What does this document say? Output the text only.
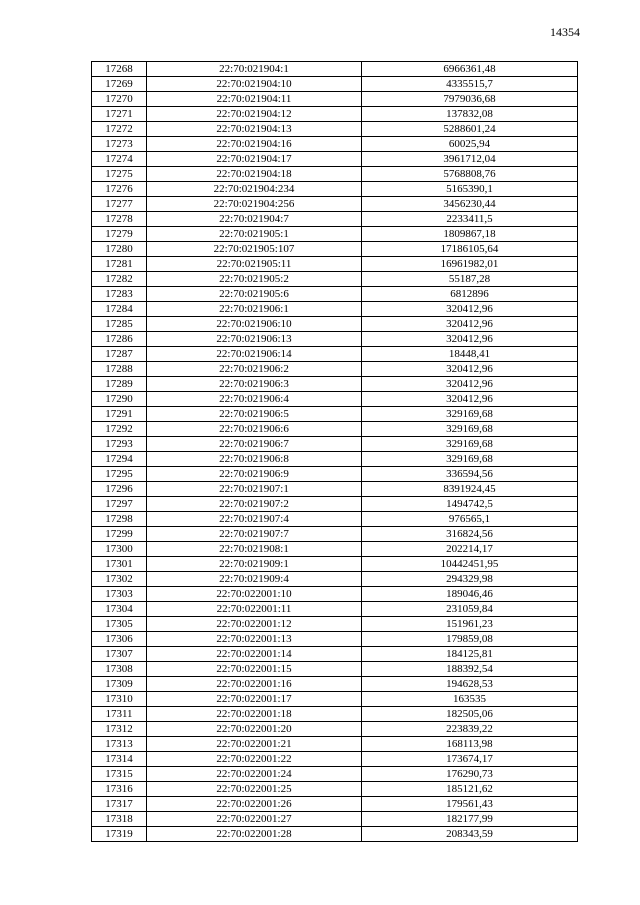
14354
17268	22:70:021904:1	6966361,48
17269	22:70:021904:10	4335515,7
17270	22:70:021904:11	7979036,68
17271	22:70:021904:12	137832,08
17272	22:70:021904:13	5288601,24
17273	22:70:021904:16	60025,94
17274	22:70:021904:17	3961712,04
17275	22:70:021904:18	5768808,76
17276	22:70:021904:234	5165390,1
17277	22:70:021904:256	3456230,44
17278	22:70:021904:7	2233411,5
17279	22:70:021905:1	1809867,18
17280	22:70:021905:107	17186105,64
17281	22:70:021905:11	16961982,01
17282	22:70:021905:2	55187,28
17283	22:70:021905:6	6812896
17284	22:70:021906:1	320412,96
17285	22:70:021906:10	320412,96
17286	22:70:021906:13	320412,96
17287	22:70:021906:14	18448,41
17288	22:70:021906:2	320412,96
17289	22:70:021906:3	320412,96
17290	22:70:021906:4	320412,96
17291	22:70:021906:5	329169,68
17292	22:70:021906:6	329169,68
17293	22:70:021906:7	329169,68
17294	22:70:021906:8	329169,68
17295	22:70:021906:9	336594,56
17296	22:70:021907:1	8391924,45
17297	22:70:021907:2	1494742,5
17298	22:70:021907:4	976565,1
17299	22:70:021907:7	316824,56
17300	22:70:021908:1	202214,17
17301	22:70:021909:1	10442451,95
17302	22:70:021909:4	294329,98
17303	22:70:022001:10	189046,46
17304	22:70:022001:11	231059,84
17305	22:70:022001:12	151961,23
17306	22:70:022001:13	179859,08
17307	22:70:022001:14	184125,81
17308	22:70:022001:15	188392,54
17309	22:70:022001:16	194628,53
17310	22:70:022001:17	163535
17311	22:70:022001:18	182505,06
17312	22:70:022001:20	223839,22
17313	22:70:022001:21	168113,98
17314	22:70:022001:22	173674,17
17315	22:70:022001:24	176290,73
17316	22:70:022001:25	185121,62
17317	22:70:022001:26	179561,43
17318	22:70:022001:27	182177,99
17319	22:70:022001:28	208343,59
